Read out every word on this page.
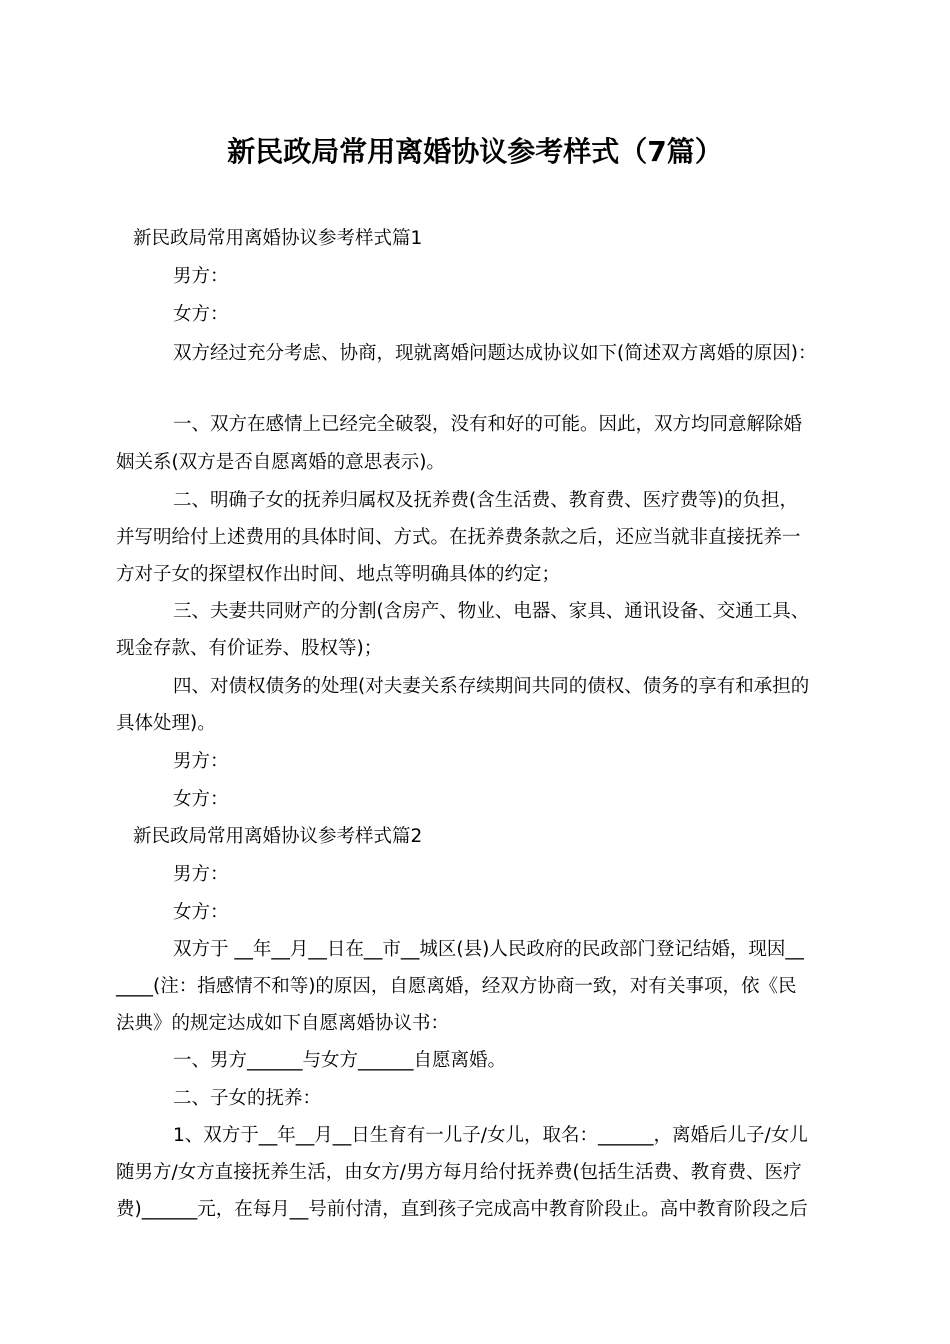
新民政局常用离婚协议参考样式（7篇）
新民政局常用离婚协议参考样式篇1
男方：
女方：
双方经过充分考虑、协商，现就离婚问题达成协议如下(简述双方离婚的原因)：
一、双方在感情上已经完全破裂，没有和好的可能。因此，双方均同意解除婚
姻关系(双方是否自愿离婚的意思表示)。
二、明确子女的抚养归属权及抚养费(含生活费、教育费、医疗费等)的负担，
并写明给付上述费用的具体时间、方式。在抚养费条款之后，还应当就非直接抚养一
方对子女的探望权作出时间、地点等明确具体的约定；
三、夫妻共同财产的分割(含房产、物业、电器、家具、通讯设备、交通工具、
现金存款、有价证券、股权等)；
四、对债权债务的处理(对夫妻关系存续期间共同的债权、债务的享有和承担的
具体处理)。
男方：
女方：
新民政局常用离婚协议参考样式篇2
男方：
女方：
双方于 __年__月__日在__市__城区(县)人民政府的民政部门登记结婚，现因__
____(注：指感情不和等)的原因，自愿离婚，经双方协商一致，对有关事项，依《民
法典》的规定达成如下自愿离婚协议书：
一、男方______与女方______自愿离婚。
二、子女的抚养：
1、双方于__年__月__日生育有一儿子/女儿，取名：______，离婚后儿子/女儿
随男方/女方直接抚养生活，由女方/男方每月给付抚养费(包括生活费、教育费、医疗
费)______元，在每月__号前付清，直到孩子完成高中教育阶段止。高中教育阶段之后
